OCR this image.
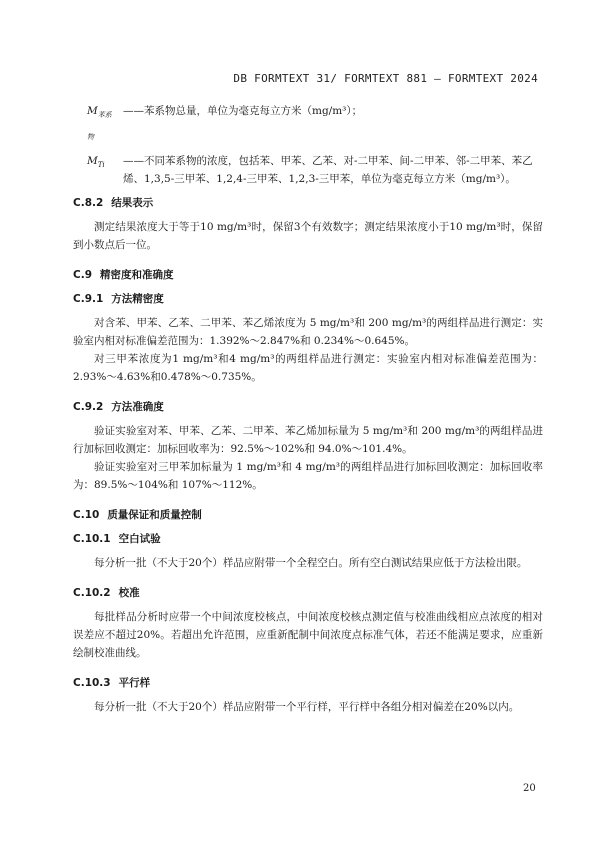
DB FORMTEXT 31/ FORMTEXT 881 — FORMTEXT 2024
$M_{苯系物}$
——苯系物总量，单位为毫克每立方米（mg/m³）；
$M_{Ti}$	——不同苯系物的浓度，包括苯、甲苯、乙苯、对-二甲苯、间-二甲苯、邻-二甲苯、苯乙烯、1,3,5-三甲苯、1,2,4-三甲苯、1,2,3-三甲苯，单位为毫克每立方米（mg/m³）。
C.8.2 结果表示

测定结果浓度大于等于10 mg/m³时，保留3个有效数字；测定结果浓度小于10 mg/m³时，保留到小数点后一位。

C.9 精密度和准确度
C.9.1 方法精密度

对含苯、甲苯、乙苯、二甲苯、苯乙烯浓度为 5 mg/m³和 200 mg/m³的两组样品进行测定：实验室内相对标准偏差范围为：1.392%～2.847%和 0.234%～0.645%。

对三甲苯浓度为1 mg/m³和4 mg/m³的两组样品进行测定：实验室内相对标准偏差范围为：2.93%～4.63%和0.478%～0.735%。

C.9.2 方法准确度

验证实验室对苯、甲苯、乙苯、二甲苯、苯乙烯加标量为 5 mg/m³和 200 mg/m³的两组样品进行加标回收测定：加标回收率为：92.5%～102%和 94.0%～101.4%。

验证实验室对三甲苯加标量为 1 mg/m³和 4 mg/m³的两组样品进行加标回收测定：加标回收率为：89.5%～104%和 107%～112%。

C.10 质量保证和质量控制
C.10.1 空白试验

每分析一批（不大于20个）样品应附带一个全程空白。所有空白测试结果应低于方法检出限。

C.10.2 校准

每批样品分析时应带一个中间浓度校核点，中间浓度校核点测定值与校准曲线相应点浓度的相对误差应不超过20%。若超出允许范围，应重新配制中间浓度点标准气体，若还不能满足要求，应重新绘制校准曲线。

C.10.3 平行样

每分析一批（不大于20个）样品应附带一个平行样，平行样中各组分相对偏差在20%以内。

20
